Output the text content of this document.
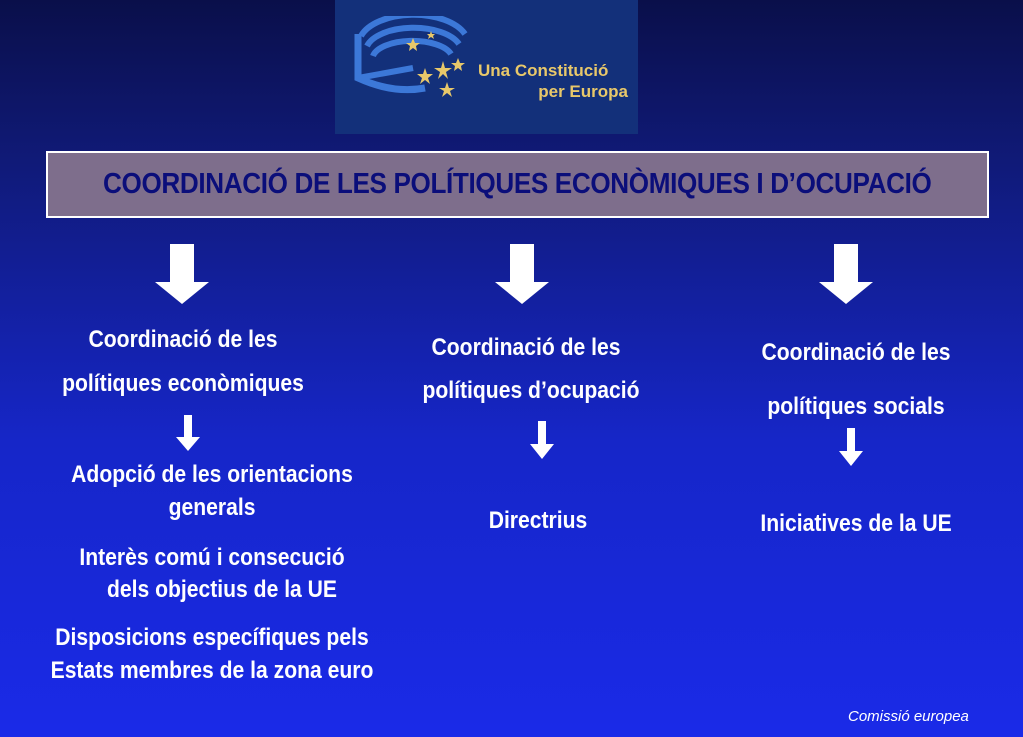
Una Constitució
per Europa
COORDINACIÓ DE LES POLÍTIQUES ECONÒMIQUES I D’OCUPACIÓ
Coordinació de les
polítiques econòmiques
Adopció de les orientacions
generals
Interès comú i consecució
dels objectius de la UE
Disposicions específiques pels
Estats membres de la zona euro
Coordinació de les
polítiques d’ocupació
Directrius
Coordinació de les
polítiques socials
Iniciatives de la UE
Comissió europea
